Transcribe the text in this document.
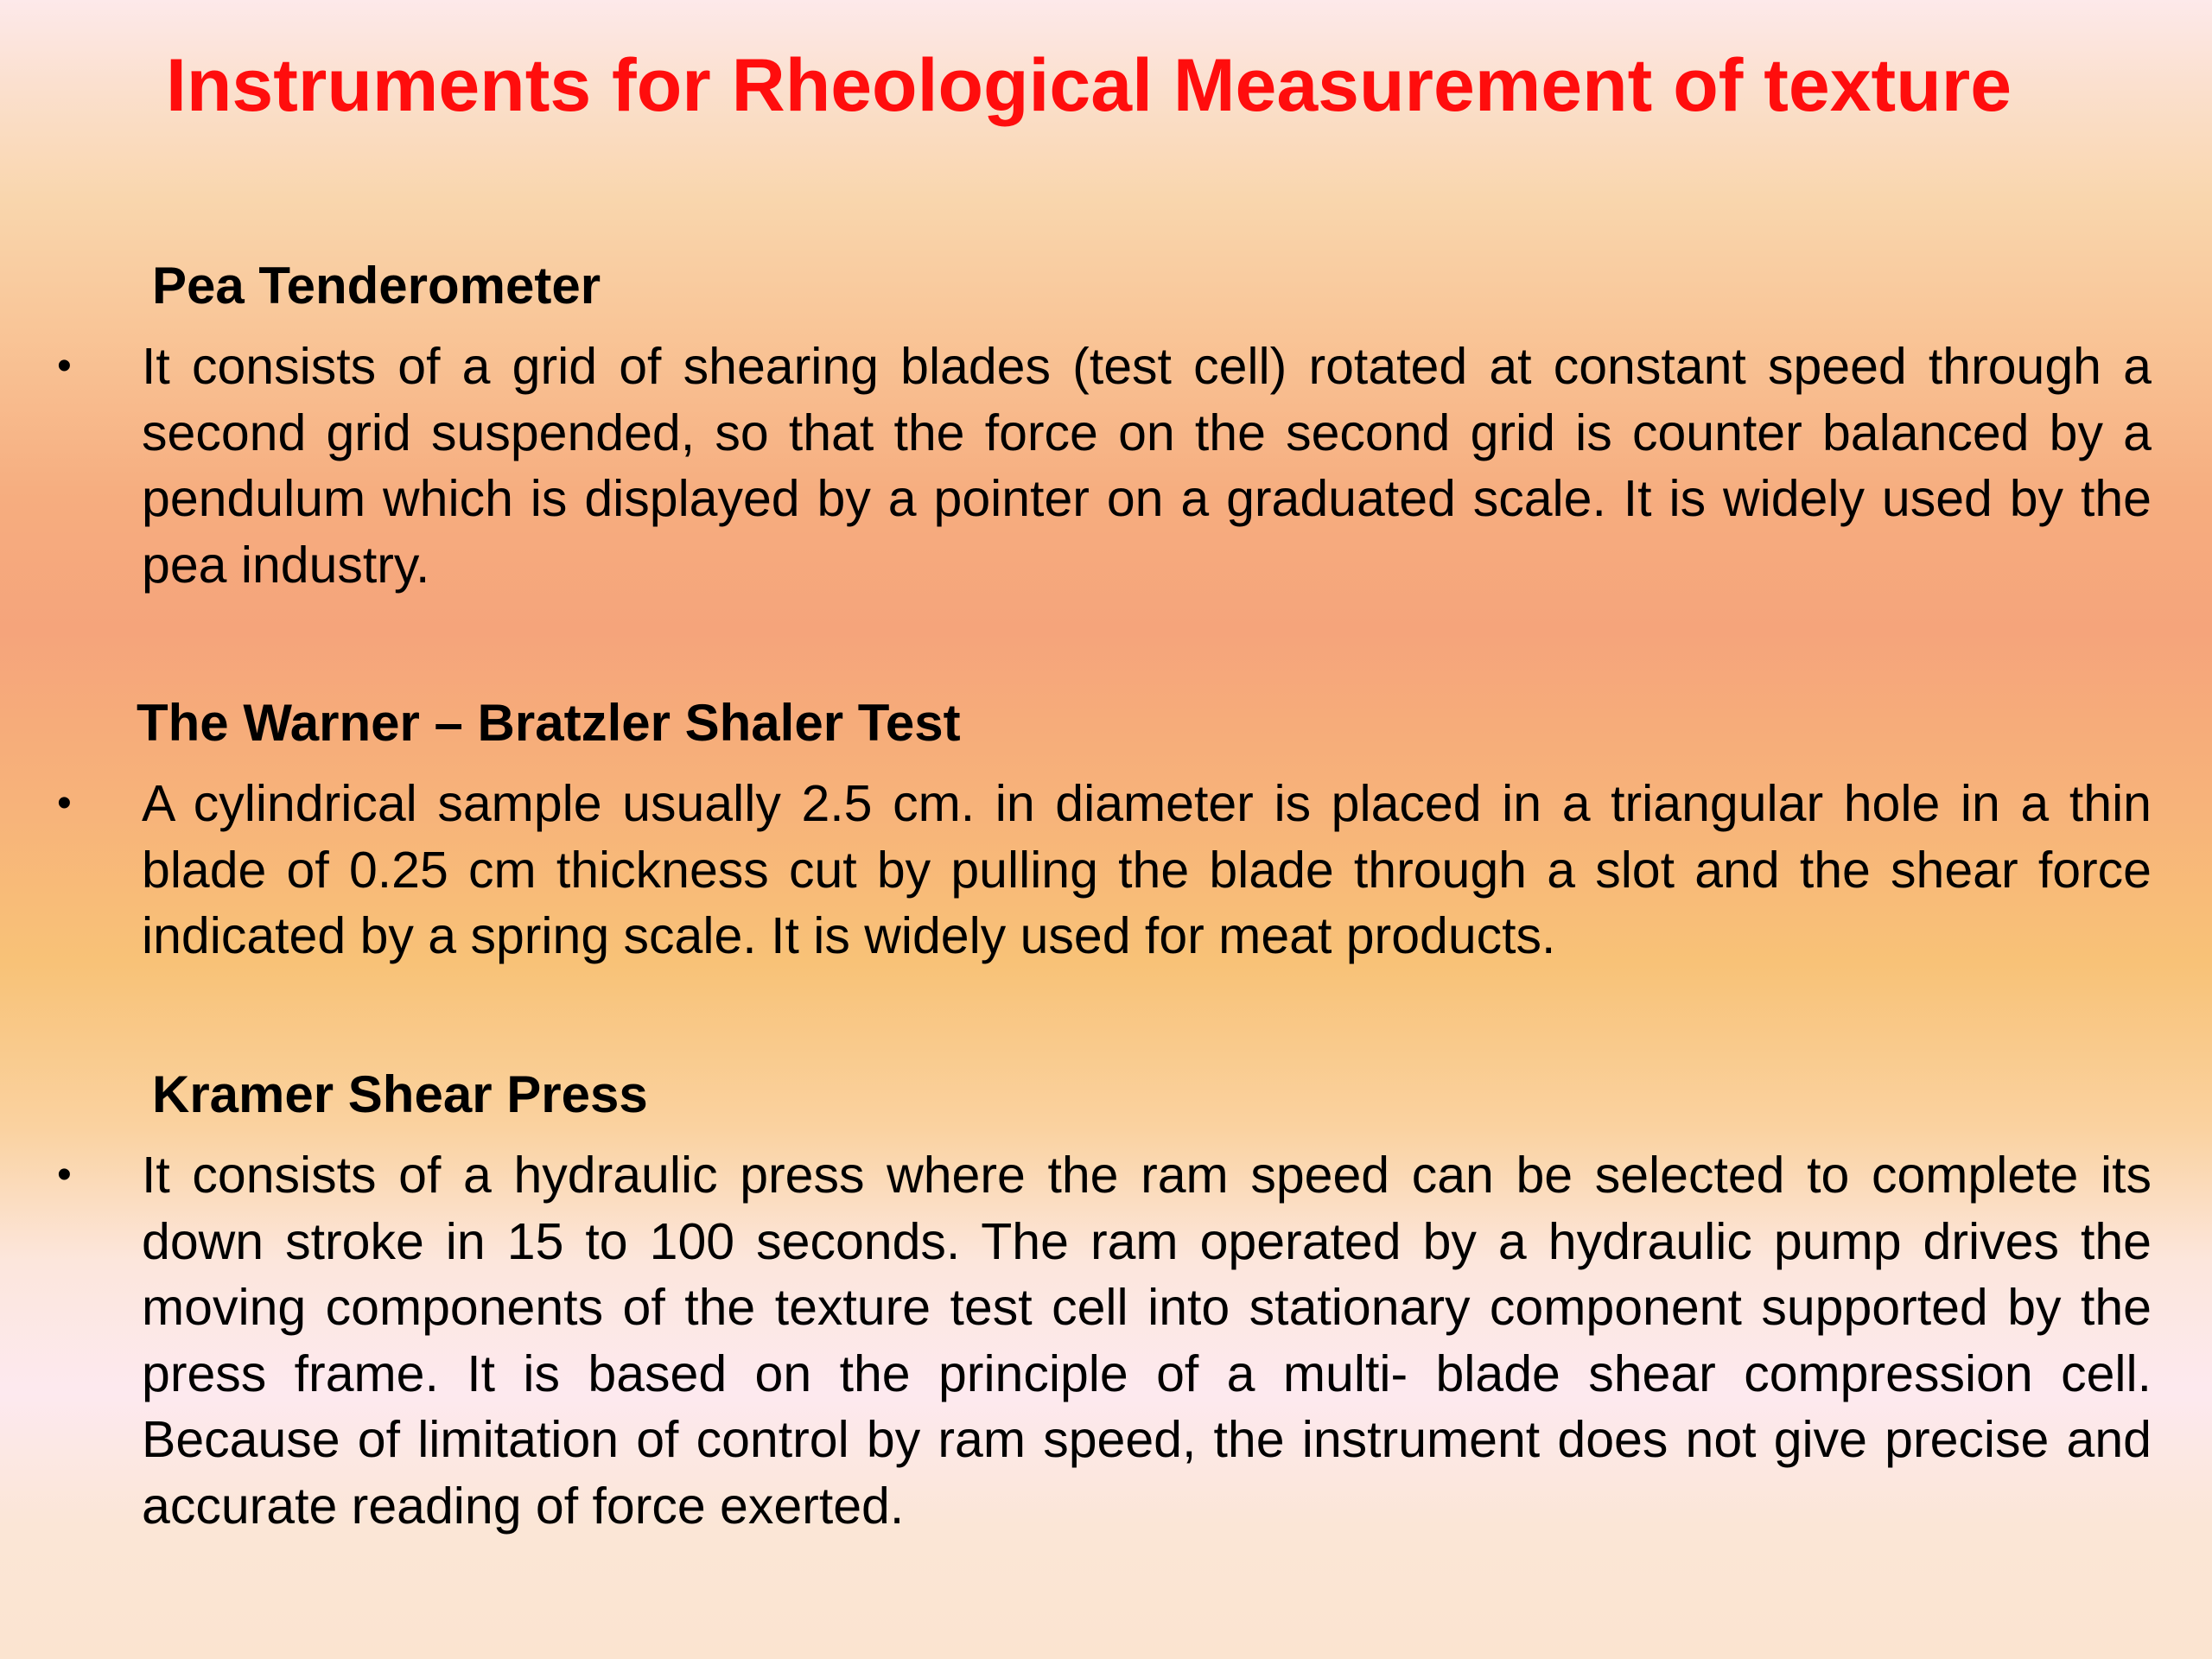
Instruments for Rheological Measurement of texture
Pea Tenderometer
• It consists of a grid of shearing blades (test cell) rotated at constant speed through a second grid suspended, so that the force on the second grid is counter balanced by a pendulum which is displayed by a pointer on a graduated scale. It is widely used by the pea industry.

The Warner – Bratzler Shaler Test
• A cylindrical sample usually 2.5 cm. in diameter is placed in a triangular hole in a thin blade of 0.25 cm thickness cut by pulling the blade through a slot and the shear force indicated by a spring scale. It is widely used for meat products.

Kramer Shear Press
• It consists of a hydraulic press where the ram speed can be selected to complete its down stroke in 15 to 100 seconds. The ram operated by a hydraulic pump drives the moving components of the texture test cell into stationary component supported by the press frame. It is based on the principle of a multi- blade shear compression cell. Because of limitation of control by ram speed, the instrument does not give precise and accurate reading of force exerted.
